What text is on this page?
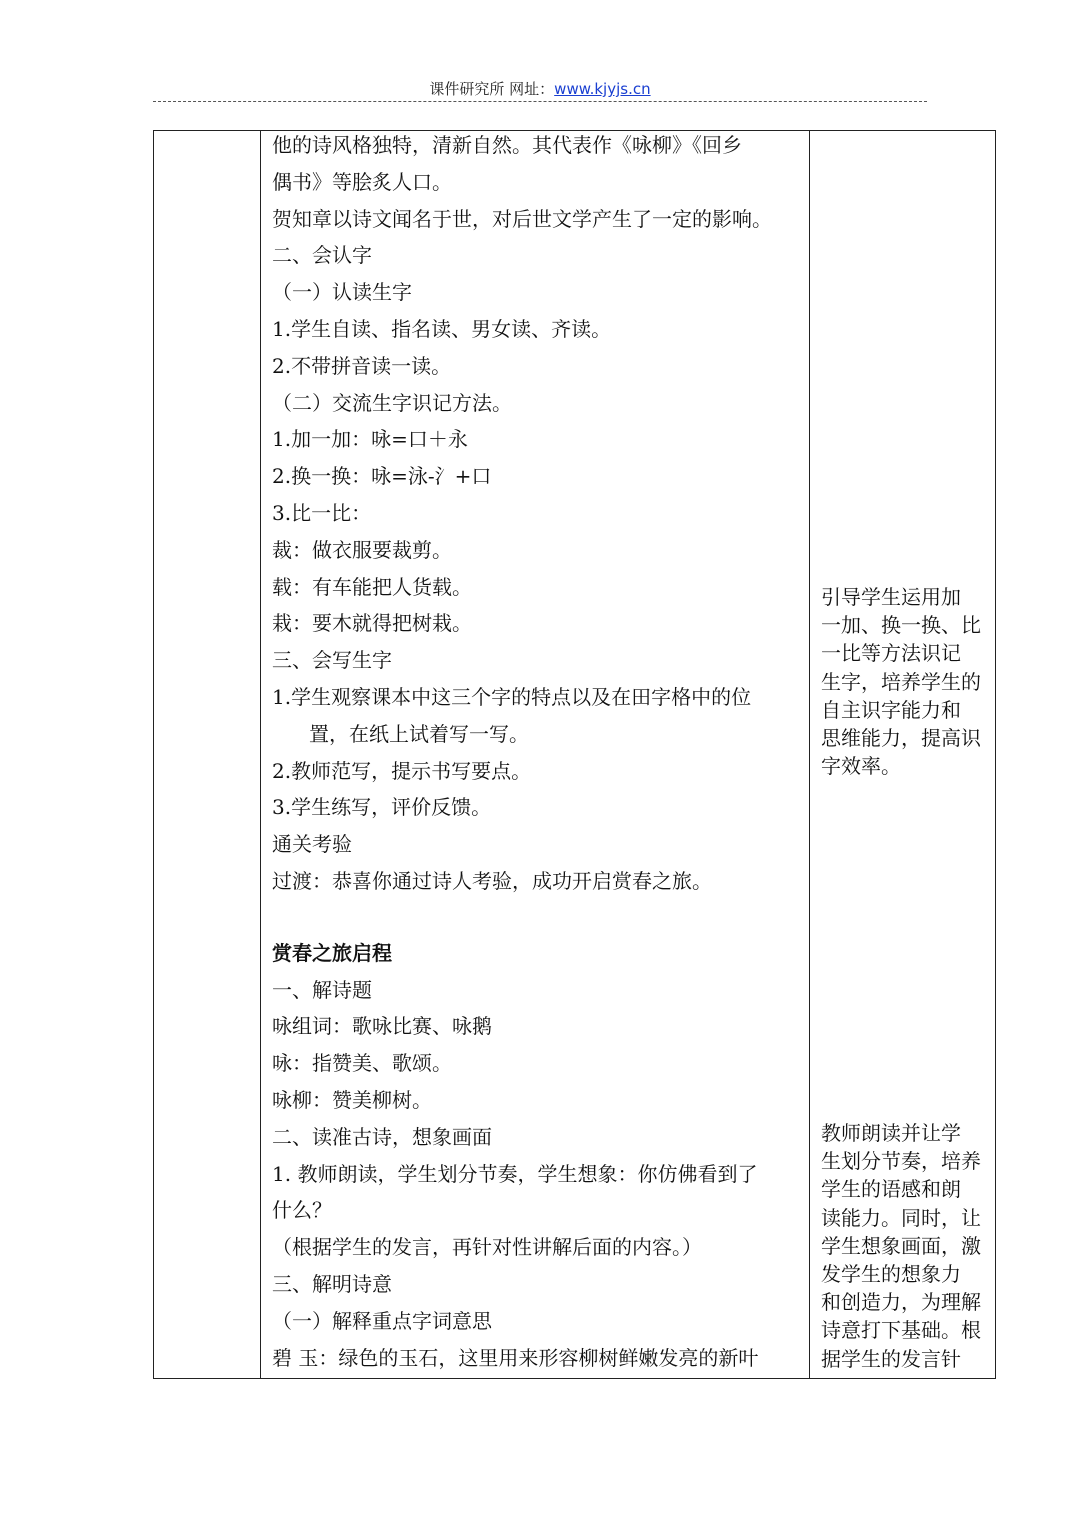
课件研究所 网址：www.kjyjs.cn
他的诗风格独特，清新自然。其代表作《咏柳》《回乡
偶书》等脍炙人口。
贺知章以诗文闻名于世，对后世文学产生了一定的影响。
二、会认字
（一）认读生字
1.学生自读、指名读、男女读、齐读。
2.不带拼音读一读。
（二）交流生字识记方法。
1.加一加：咏=口＋永
2.换一换：咏=泳-氵+口
3.比一比：
裁：做衣服要裁剪。
载：有车能把人货载。
栽：要木就得把树栽。
三、会写生字
1.学生观察课本中这三个字的特点以及在田字格中的位
置，在纸上试着写一写。
2.教师范写，提示书写要点。
3.学生练写，评价反馈。
通关考验
过渡：恭喜你通过诗人考验，成功开启赏春之旅。
赏春之旅启程
一、解诗题
咏组词：歌咏比赛、咏鹅
咏：指赞美、歌颂。
咏柳：赞美柳树。
二、读准古诗，想象画面
1. 教师朗读，学生划分节奏，学生想象：你仿佛看到了
什么？
（根据学生的发言，再针对性讲解后面的内容。）
三、解明诗意
（一）解释重点字词意思
碧 玉：绿色的玉石，这里用来形容柳树鲜嫩发亮的新叶
引导学生运用加
一加、换一换、比
一比等方法识记
生字，培养学生的
自主识字能力和
思维能力，提高识
字效率。
教师朗读并让学
生划分节奏，培养
学生的语感和朗
读能力。同时，让
学生想象画面，激
发学生的想象力
和创造力，为理解
诗意打下基础。根
据学生的发言针
